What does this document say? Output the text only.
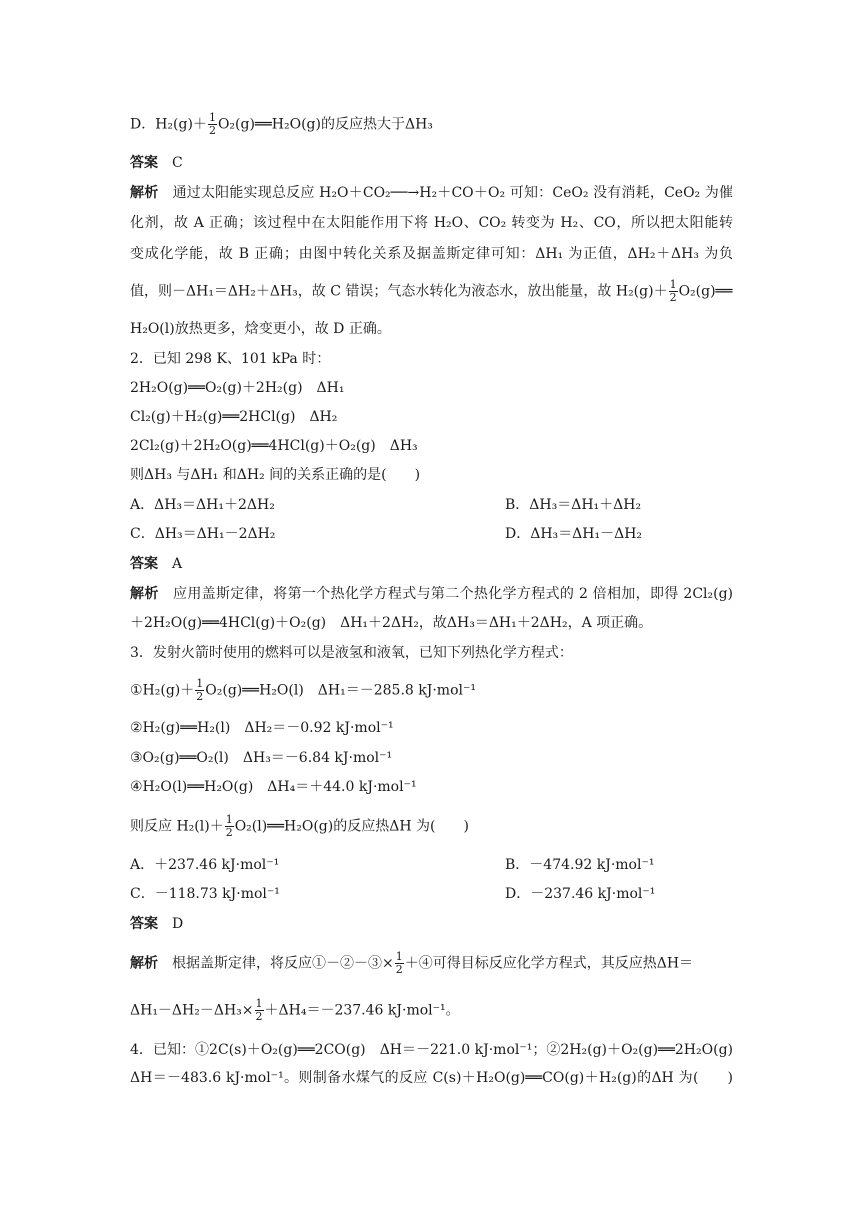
D．$H_2(g)+ \frac{1}{2}$ O₂(g)══H₂O(g)的反应热大于ΔH₃
答案　C
解析　通过太阳能实现总反应 H₂O＋CO₂──→H₂＋CO＋O₂ 可知：CeO₂ 没有消耗，CeO₂ 为催
化剂，故 A 正确；该过程中在太阳能作用下将 H₂O、CO₂ 转变为 H₂、CO，所以把太阳能转
变成化学能，故 B 正确；由图中转化关系及据盖斯定律可知：ΔH₁ 为正值，ΔH₂＋ΔH₃ 为负
值，则－ΔH₁＝ΔH₂＋ΔH₃，故 C 错误；气态水转化为液态水，放出能量，故 $H_2(g)+ \frac{1}{2}$ O₂(g)══
H₂O(l)放热更多，焓变更小，故 D 正确。
2．已知 298 K、101 kPa 时：
2H₂O(g)══O₂(g)＋2H₂(g)　ΔH₁
Cl₂(g)＋H₂(g)══2HCl(g)　ΔH₂
2Cl₂(g)＋2H₂O(g)══4HCl(g)＋O₂(g)　ΔH₃
则ΔH₃ 与ΔH₁ 和ΔH₂ 间的关系正确的是(　　)
A．ΔH₃＝ΔH₁＋2ΔH₂	B．ΔH₃＝ΔH₁＋ΔH₂
C．ΔH₃＝ΔH₁－2ΔH₂	D．ΔH₃＝ΔH₁－ΔH₂
答案　A
解析　应用盖斯定律，将第一个热化学方程式与第二个热化学方程式的 2 倍相加，即得 2Cl₂(g)
＋2H₂O(g)══4HCl(g)＋O₂(g)　ΔH₁＋2ΔH₂，故ΔH₃＝ΔH₁＋2ΔH₂，A 项正确。
3．发射火箭时使用的燃料可以是液氢和液氧，已知下列热化学方程式：
①H₂(g)＋ $\frac{1}{2}$ O₂(g)══H₂O(l)　ΔH₁＝－285.8 kJ·mol⁻¹
②H₂(g)══H₂(l)　ΔH₂＝－0.92 kJ·mol⁻¹
③O₂(g)══O₂(l)　ΔH₃＝－6.84 kJ·mol⁻¹
④H₂O(l)══H₂O(g)　ΔH₄＝＋44.0 kJ·mol⁻¹
则反应 $H_2(l)+ \frac{1}{2}$ O₂(l)══H₂O(g)的反应热ΔH 为(　　)
A．＋237.46 kJ·mol⁻¹	B．－474.92 kJ·mol⁻¹
C．－118.73 kJ·mol⁻¹	D．－237.46 kJ·mol⁻¹
答案　D
解析　根据盖斯定律，将反应①－②－③× $\frac{1}{2}$ ＋④可得目标反应化学方程式，其反应热ΔH＝
$\Delta H_1-\Delta H_2-\Delta H_3\times \frac{1}{2} +\Delta H_4=-237.46$ kJ·mol⁻¹。
4．已知：①2C(s)＋O₂(g)══2CO(g)　ΔH＝－221.0 kJ·mol⁻¹；②2H₂(g)＋O₂(g)══2H₂O(g)
ΔH＝－483.6 kJ·mol⁻¹。则制备水煤气的反应 C(s)＋H₂O(g)══CO(g)＋H₂(g)的ΔH 为(　　)
